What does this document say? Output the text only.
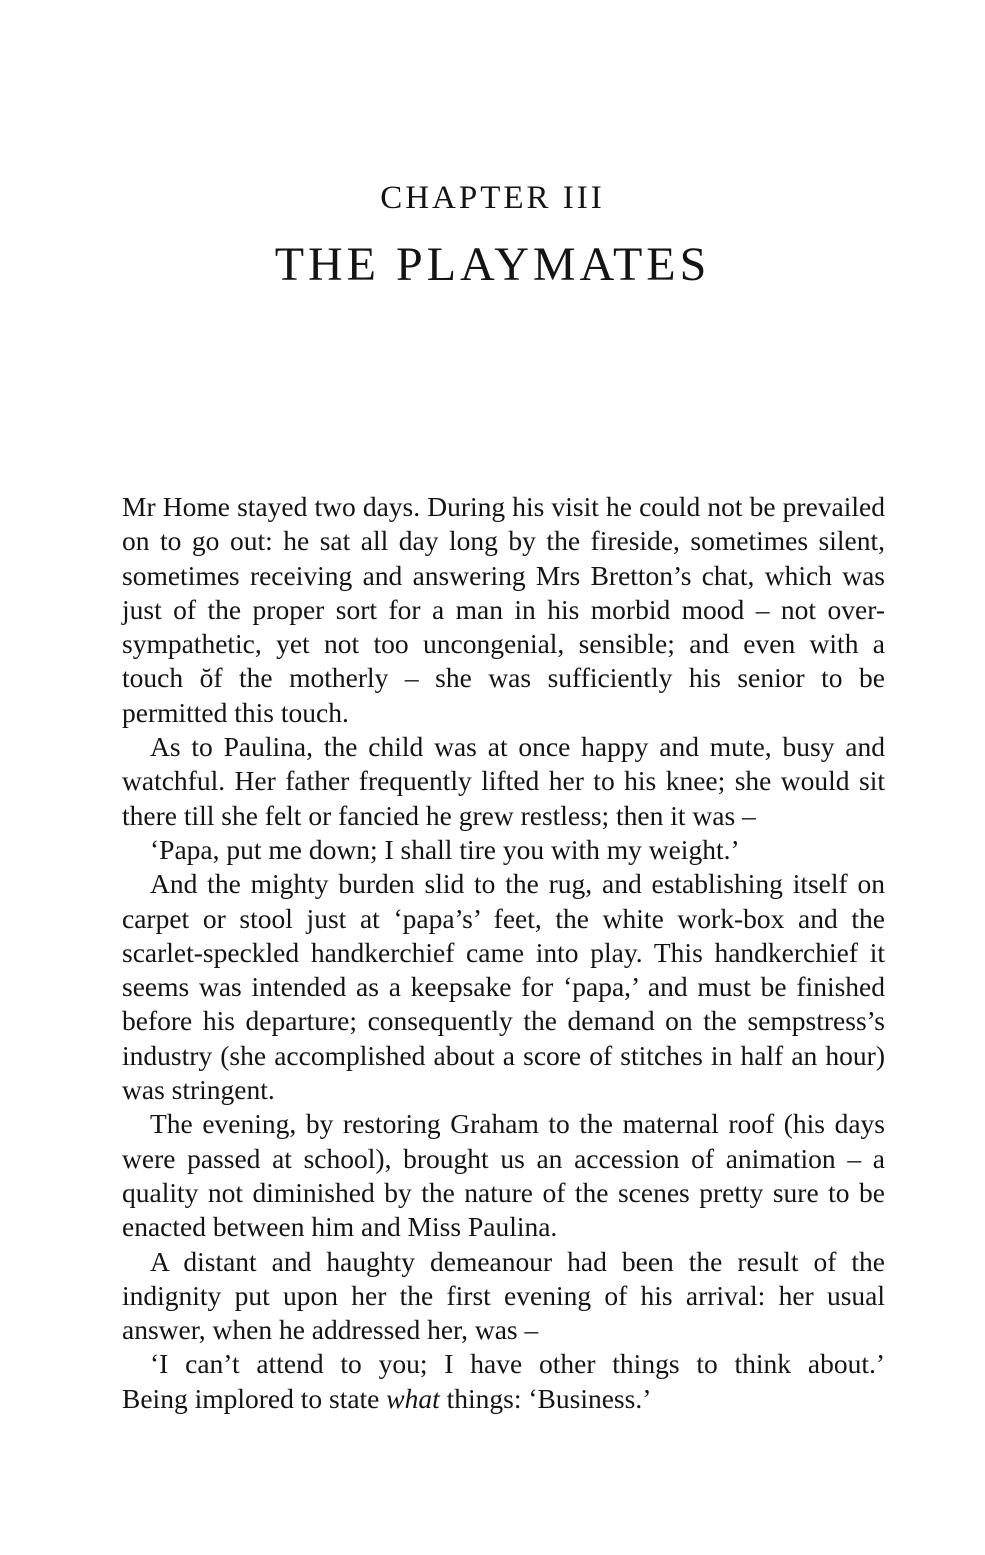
CHAPTER III
THE PLAYMATES

Mr Home stayed two days. During his visit he could not be prevailed on to go out: he sat all day long by the fireside, sometimes silent, sometimes receiving and answering Mrs Bretton’s chat, which was just of the proper sort for a man in his morbid mood – not over-sympathetic, yet not too uncongenial, sensible; and even with a touch ŏf the motherly – she was sufficiently his senior to be permitted this touch.

As to Paulina, the child was at once happy and mute, busy and watchful. Her father frequently lifted her to his knee; she would sit there till she felt or fancied he grew restless; then it was –

‘Papa, put me down; I shall tire you with my weight.’

And the mighty burden slid to the rug, and establishing itself on carpet or stool just at ‘papa’s’ feet, the white work-box and the scarlet-speckled handkerchief came into play. This handkerchief it seems was intended as a keepsake for ‘papa,’ and must be finished before his departure; consequently the demand on the sempstress’s industry (she accomplished about a score of stitches in half an hour) was stringent.

The evening, by restoring Graham to the maternal roof (his days were passed at school), brought us an accession of animation – a quality not diminished by the nature of the scenes pretty sure to be enacted between him and Miss Paulina.

A distant and haughty demeanour had been the result of the indignity put upon her the first evening of his arrival: her usual answer, when he addressed her, was –

‘I can’t attend to you; I have other things to think about.’

Being implored to state what things: ‘Business.’
